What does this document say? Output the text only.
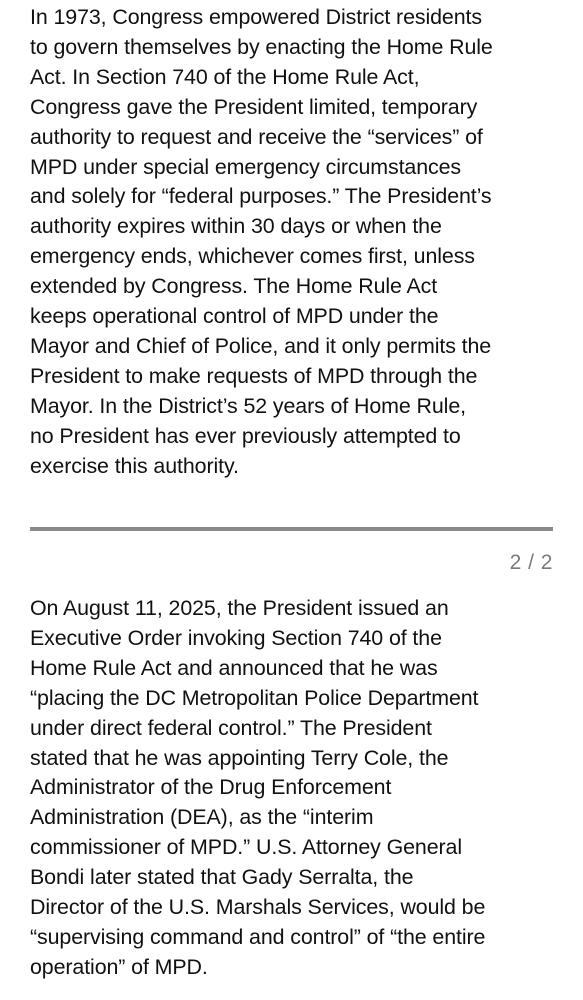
In 1973, Congress empowered District residents
to govern themselves by enacting the Home Rule
Act. In Section 740 of the Home Rule Act,
Congress gave the President limited, temporary
authority to request and receive the “services” of
MPD under special emergency circumstances
and solely for “federal purposes.” The President’s
authority expires within 30 days or when the
emergency ends, whichever comes first, unless
extended by Congress. The Home Rule Act
keeps operational control of MPD under the
Mayor and Chief of Police, and it only permits the
President to make requests of MPD through the
Mayor. In the District’s 52 years of Home Rule,
no President has ever previously attempted to
exercise this authority.

2 / 2

On August 11, 2025, the President issued an
Executive Order invoking Section 740 of the
Home Rule Act and announced that he was
“placing the DC Metropolitan Police Department
under direct federal control.” The President
stated that he was appointing Terry Cole, the
Administrator of the Drug Enforcement
Administration (DEA), as the “interim
commissioner of MPD.” U.S. Attorney General
Bondi later stated that Gady Serralta, the
Director of the U.S. Marshals Services, would be
“supervising command and control” of “the entire
operation” of MPD.
